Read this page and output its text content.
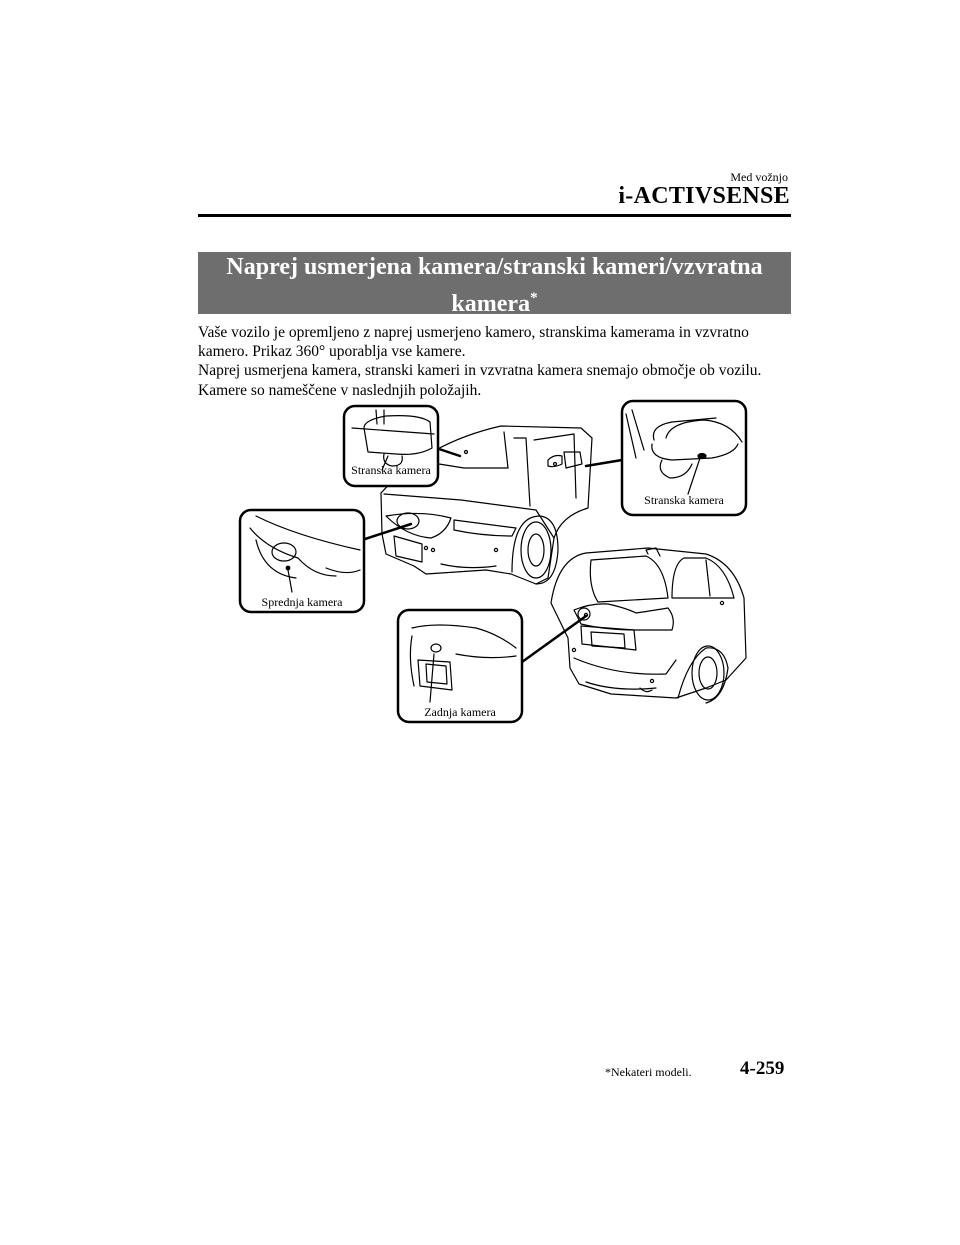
Med vožnjo
i-ACTIVSENSE
Naprej usmerjena kamera/stranski kameri/vzvratna kamera*

Vaše vozilo je opremljeno z naprej usmerjeno kamero, stranskima kamerama in vzvratno

kamero. Prikaz 360° uporablja vse kamere.

Naprej usmerjena kamera, stranski kameri in vzvratna kamera snemajo območje ob vozilu.

Kamere so nameščene v naslednjih položajih.

Stranska kamera
Stranska kamera
Sprednja kamera
Zadnja kamera
*Nekateri modeli.	4-259
